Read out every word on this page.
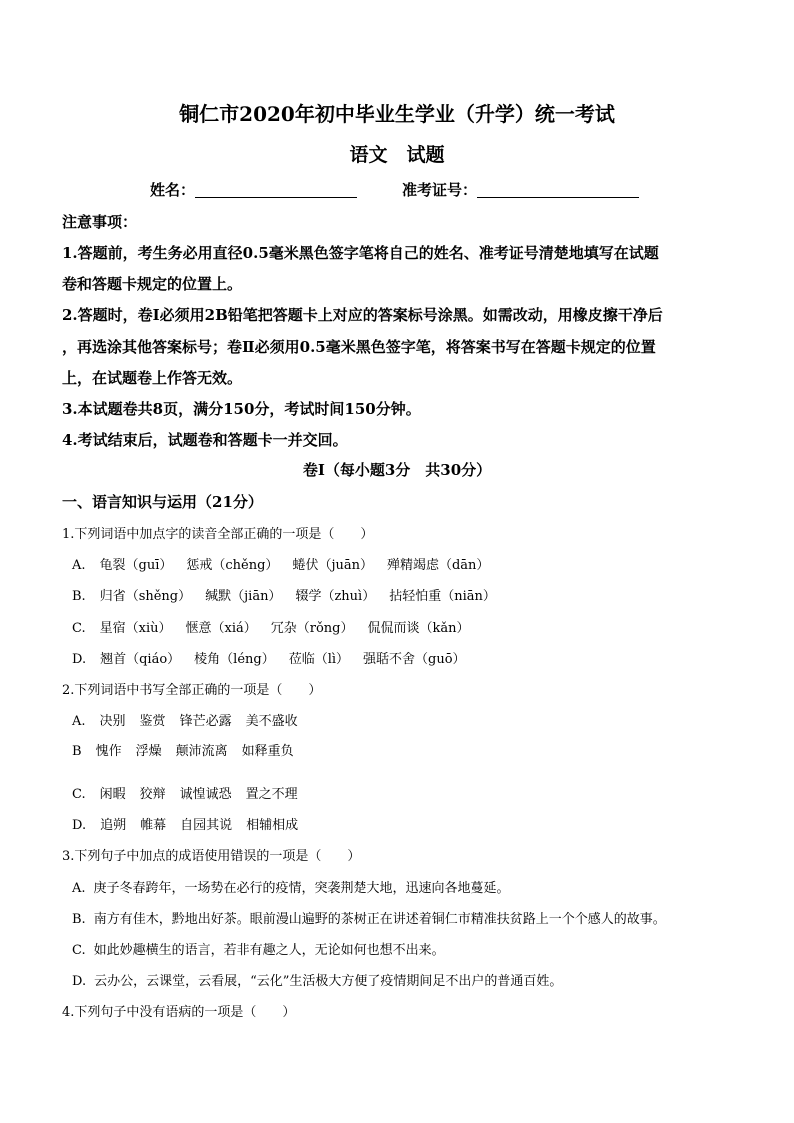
铜仁市2020年初中毕业生学业（升学）统一考试
语文　试题
姓名：	准考证号：
注意事项：
1.答题前，考生务必用直径0.5毫米黑色签字笔将自己的姓名、准考证号清楚地填写在试题
卷和答题卡规定的位置上。
2.答题时，卷Ⅰ必须用2B铅笔把答题卡上对应的答案标号涂黑。如需改动，用橡皮擦干净后
，再选涂其他答案标号；卷Ⅱ必须用0.5毫米黑色签字笔，将答案书写在答题卡规定的位置
上，在试题卷上作答无效。
3.本试题卷共8页，满分150分，考试时间150分钟。
4.考试结束后，试题卷和答题卡一并交回。
卷Ⅰ（每小题3分　共30分）
一、语言知识与运用（21分）
1.下列词语中加点字的读音全部正确的一项是（　　）
A. 龟裂（guī） 惩戒（chěng） 蜷伏（juān） 殚精竭虑（dān）
B. 归省（shěng） 缄默（jiān） 辍学（zhuì） 拈轻怕重（niān）
C. 星宿（xiù） 惬意（xiá） 冗杂（rǒng） 侃侃而谈（kǎn）
D. 翘首（qiáo） 棱角（léng） 莅临（lì） 强聒不舍（guō）
2.下列词语中书写全部正确的一项是（　　）
A. 决别 鉴赏 锋芒必露 美不盛收
B 愧作 浮燥 颠沛流离 如释重负
C. 闲暇 狡辩 诚惶诚恐 置之不理
D. 追朔 帷幕 自园其说 相辅相成
3.下列句子中加点的成语使用错误的一项是（　　）
A. 庚子冬春跨年，一场势在必行的疫情，突袭荆楚大地，迅速向各地蔓延。
B. 南方有佳木，黔地出好茶。眼前漫山遍野的茶树正在讲述着铜仁市精准扶贫路上一个个感人的故事。
C. 如此妙趣横生的语言，若非有趣之人，无论如何也想不出来。
D. 云办公，云课堂，云看展，“云化”生活极大方便了疫情期间足不出户的普通百姓。
4.下列句子中没有语病的一项是（　　）
